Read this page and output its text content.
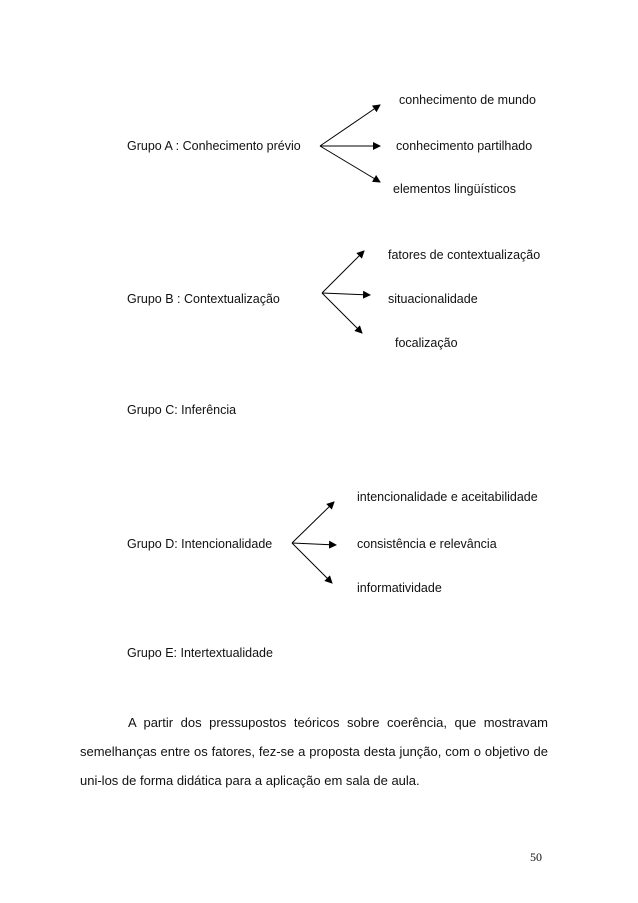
Grupo A : Conhecimento prévio
conhecimento de mundo
conhecimento partilhado
elementos lingüísticos
Grupo B : Contextualização
fatores de contextualização
situacionalidade
focalização
Grupo C: Inferência
Grupo D: Intencionalidade
intencionalidade e aceitabilidade
consistência e relevância
informatividade
Grupo E: Intertextualidade
A partir dos pressupostos teóricos sobre coerência, que mostravam semelhanças entre os fatores, fez-se a proposta desta junção, com o objetivo de uni-los de forma didática para a aplicação em sala de aula.
50
